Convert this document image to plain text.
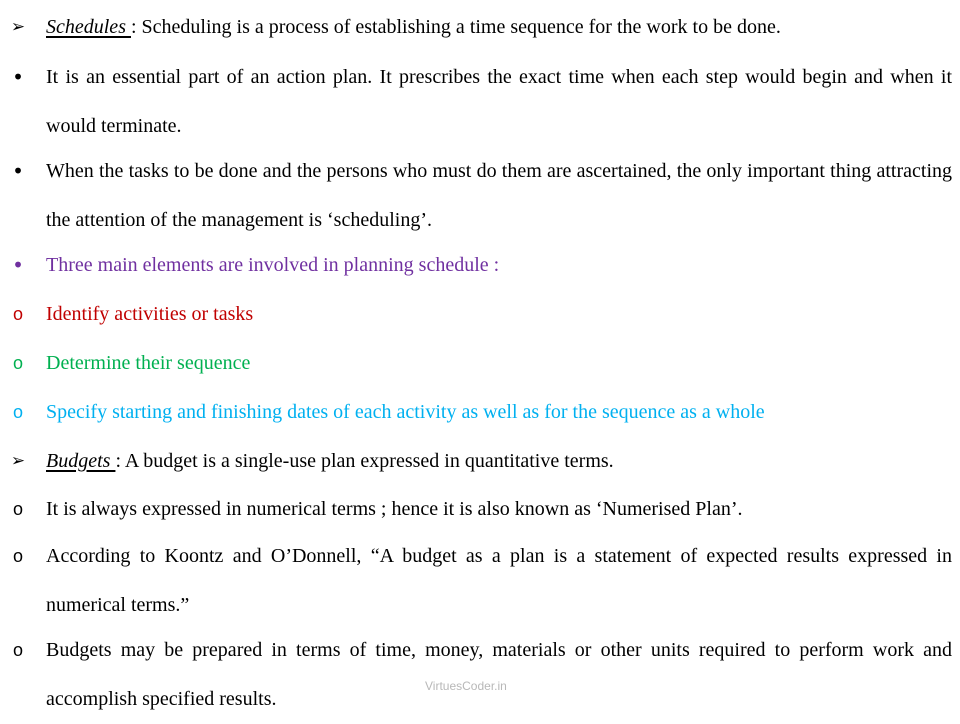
➢ Schedules : Scheduling is a process of establishing a time sequence for the work to be done.
•	It is an essential part of an action plan. It prescribes the exact time when each step would begin and when it would terminate.
•	When the tasks to be done and the persons who must do them are ascertained, the only important thing attracting the attention of the management is ‘scheduling’.
•	Three main elements are involved in planning schedule :
o	Identify activities or tasks
o	Determine their sequence
o	Specify starting and finishing dates of each activity as well as for the sequence as a whole
➢ Budgets : A budget is a single-use plan expressed in quantitative terms.
o	It is always expressed in numerical terms ; hence it is also known as ‘Numerised Plan’.
o	According to Koontz and O’Donnell, “A budget as a plan is a statement of expected results expressed in numerical terms.”
o	Budgets may be prepared in terms of time, money, materials or other units required to perform work and accomplish specified results.
VirtuesCoder.in
